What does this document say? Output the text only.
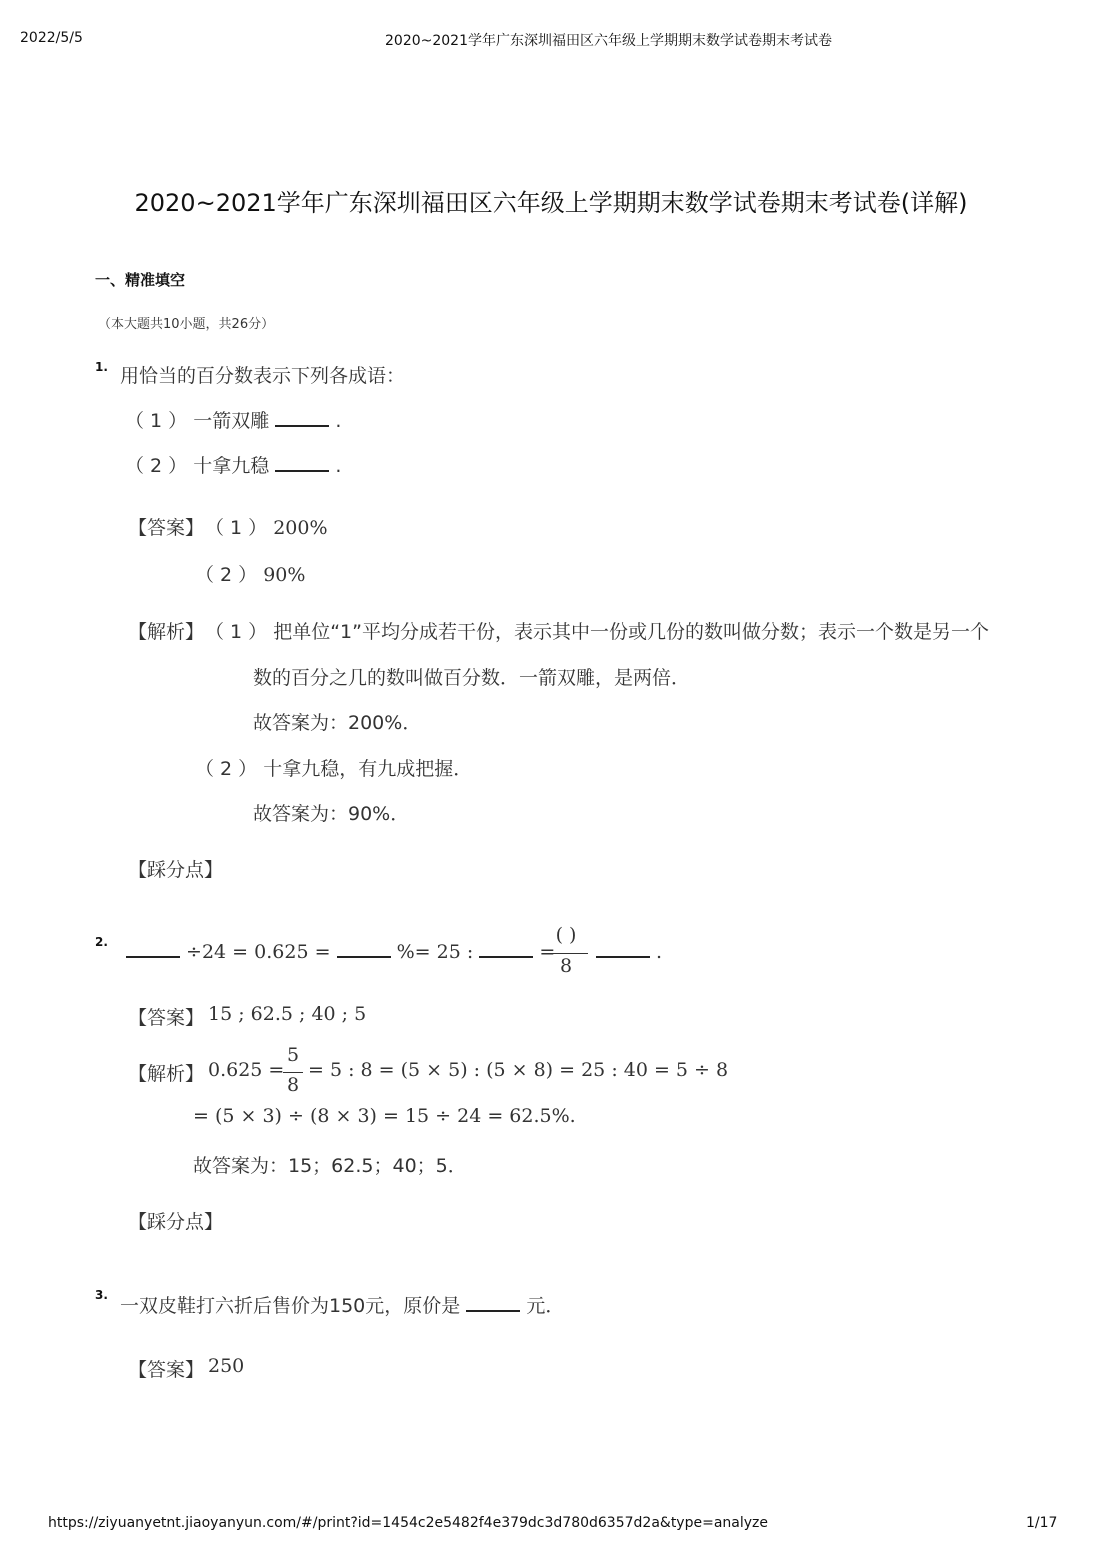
2022/5/5	2020~2021学年广东深圳福田区六年级上学期期末数学试卷期末考试卷
2020~2021学年广东深圳福田区六年级上学期期末数学试卷期末考试卷(详解)
一、精准填空
（本大题共10小题，共26分）
1. 用恰当的百分数表示下列各成语：
（ 1 ） 一箭双雕	.
（ 2 ） 十拿九稳	.
【答案】 （ 1 ） 200%
（ 2 ） 90%
【解析】 （ 1 ） 把单位“1”平均分成若干份，表示其中一份或几份的数叫做分数；表示一个数是另一个
数的百分之几的数叫做百分数．一箭双雕，是两倍．
故答案为：200%．
（ 2 ） 十拿九稳，有九成把握．
故答案为：90%．
【踩分点】
2.	÷24 = 0.625 =	%= 25 :	=
( )
8
.
【答案】 15 ; 62.5 ; 40 ; 5
【解析】 0.625 =
5
8
= 5 : 8 = (5 × 5) : (5 × 8) = 25 : 40 = 5 ÷ 8
= (5 × 3) ÷ (8 × 3) = 15 ÷ 24 = 62.5%.
故答案为：15；62.5；40；5．
【踩分点】
3. 一双皮鞋打六折后售价为150元，原价是	元．
【答案】 250
https://ziyuanyetnt.jiaoyanyun.com/#/print?id=1454c2e5482f4e379dc3d780d6357d2a&type=analyze	1/17
